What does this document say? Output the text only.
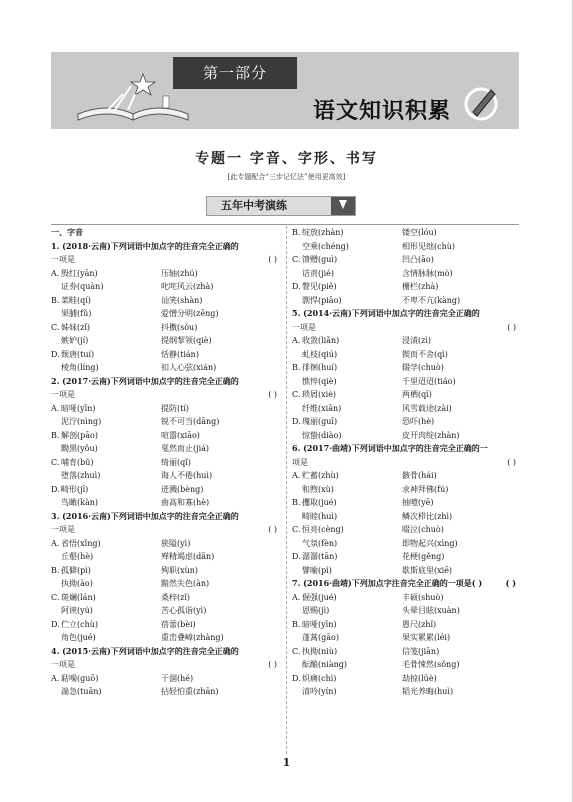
第一部分
语文知识积累
专题一 字音、字形、书写
[此专题配合“三步记忆法”使用更高效]
五年中考演练
一、字音
1. (2018·云南)下列词语中加点字的注音完全正确的
一项是	( )
A. 殷红(yān)	压轴(zhú)
证券(quàn)	叱咤风云(zhà)
B. 菜畦(qí)	讪笑(shàn)
果脯(fǔ)	爱憎分明(zēng)
C. 姊妹(zǐ)	抖擞(sǒu)
嫉妒(jí)	提纲挈领(qiè)
D. 颓唐(tuí)	恬静(tián)
棱角(líng)	扣人心弦(xián)
2. (2017·云南)下列词语中加点字的注音完全正确的
一项是	( )
A. 暗哑(yīn)	提防(tí)
泥泞(nìng)	锐不可当(dāng)
B. 解剖(pāo)	喧嚣(xiāo)
黝黑(yǒu)	戛然而止(jiá)
C. 哺育(bǔ)	绮丽(qǐ)
堕落(zhuì)	诲人不倦(huì)
D. 畸形(jī)	迸溅(bèng)
鸟瞰(kàn)	曲高和寡(hè)
3. (2016·云南)下列词语中加点字的注音完全正确的
一项是	( )
A. 省悟(xǐng)	狭隘(yì)
丘壑(hè)	殚精竭虑(dān)
B. 孤僻(pì)	殉职(xùn)
执拗(ào)	黯然失色(àn)
C. 斑斓(lán)	桑梓(zǐ)
阿谀(yú)	苦心孤诣(yì)
D. 伫立(chù)	蓓蕾(bèi)
角色(jué)	重峦叠嶂(zhàng)
4. (2015·云南)下列词语中加点字的注音完全正确的
一项是	( )
A. 聒噪(guō)	干涸(hé)
湍急(tuān)	拈轻怕重(zhān)
B. 绽放(zhàn)	镂空(lóu)
空乘(chéng)	相形见绌(chù)
C. 馈赠(guì)	凹凸(āo)
诘责(jié)	含情脉脉(mò)
D. 瞥见(piě)	栅栏(zhà)
剽悍(piāo)	不卑不亢(kàng)
5. (2014·云南)下列词语中加点字的注音完全正确的
一项是	( )
A. 收敛(liǎn)	浸渍(zì)
虬枝(qiú)	锲而不舍(qì)
B. 徘徊(huí)	辍学(chuò)
憔悴(qiè)	千里迢迢(tiáo)
C. 琐屑(xiè)	两栖(qī)
纤维(xiān)	风雪载途(zài)
D. 瑰丽(guī)	恐吓(hè)
惊蛰(diào)	皮开肉绽(zhàn)
6. (2017·曲靖)下列词语中加点字的注音完全正确的一
项是	( )
A. 贮蓄(zhù)	骸骨(hái)
和煦(xù)	求神拜佛(fú)
B. 攫取(jué)	抽噎(yē)
畸睦(huì)	鳞次栉比(zhì)
C. 恒亮(cèng)	啜泣(chuò)
气氛(fèn)	即物起兴(xìng)
D. 潺潺(tān)	花梗(gěng)
譬喻(pì)	歇斯底里(xiē)
7. (2016·曲靖)下列加点字注音完全正确的一项是( )	( )
A. 倔强(jué)	丰硕(shuò)
恩赐(jì)	头晕目眩(xuàn)
B. 暗哑(yīn)	愚尺(zhǐ)
蓬蒿(gāo)	果实累累(léi)
C. 执拗(niù)	信笺(jiān)
酝酿(niàng)	毛骨悚然(sǒng)
D. 炽痛(chì)	劫掠(lüè)
清吟(yín)	韬光养晦(huì)
1
